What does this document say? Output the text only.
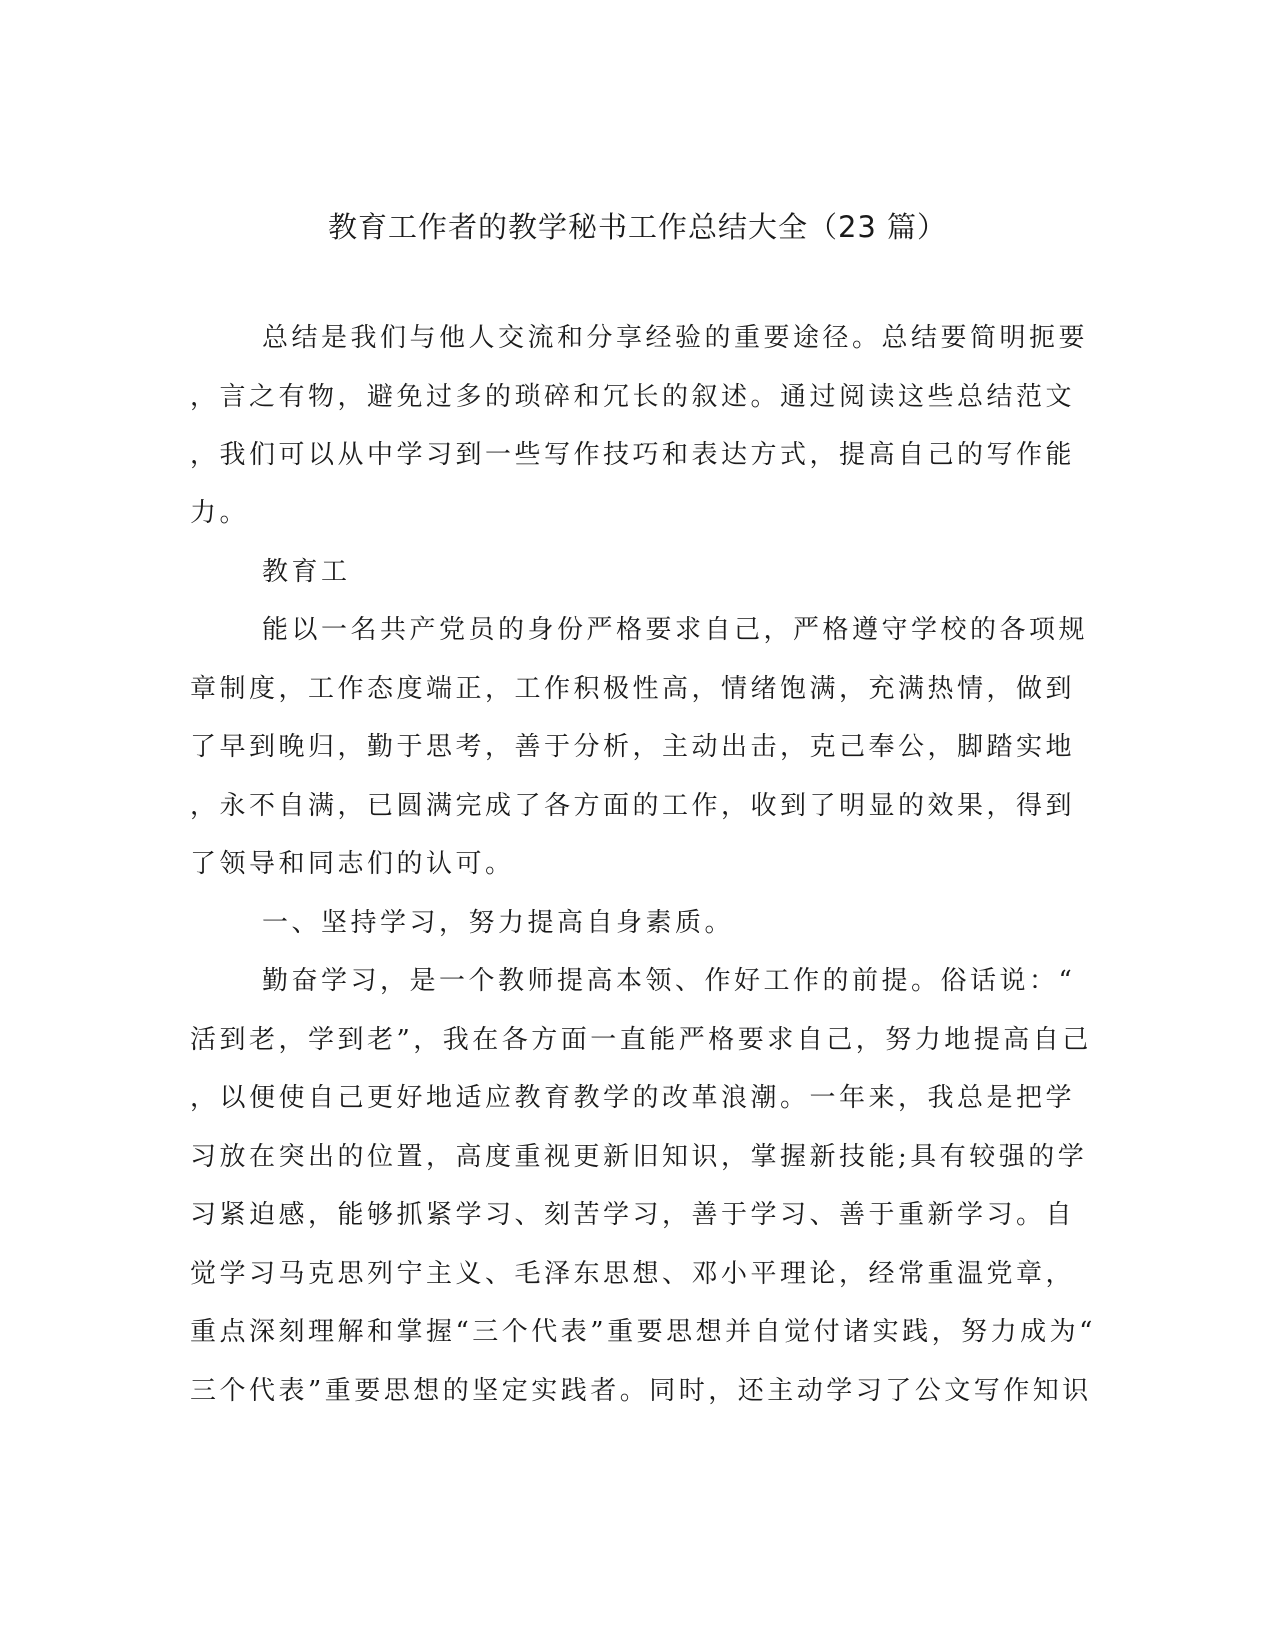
教育工作者的教学秘书工作总结大全（23 篇）
总结是我们与他人交流和分享经验的重要途径。总结要简明扼要
，言之有物，避免过多的琐碎和冗长的叙述。通过阅读这些总结范文
，我们可以从中学习到一些写作技巧和表达方式，提高自己的写作能
力。
教育工
能以一名共产党员的身份严格要求自己，严格遵守学校的各项规
章制度，工作态度端正，工作积极性高，情绪饱满，充满热情，做到
了早到晚归，勤于思考，善于分析，主动出击，克己奉公，脚踏实地
，永不自满，已圆满完成了各方面的工作，收到了明显的效果，得到
了领导和同志们的认可。
一、坚持学习，努力提高自身素质。
勤奋学习，是一个教师提高本领、作好工作的前提。俗话说：“
活到老，学到老”，我在各方面一直能严格要求自己，努力地提高自己
，以便使自己更好地适应教育教学的改革浪潮。一年来，我总是把学
习放在突出的位置，高度重视更新旧知识，掌握新技能;具有较强的学
习紧迫感，能够抓紧学习、刻苦学习，善于学习、善于重新学习。自
觉学习马克思列宁主义、毛泽东思想、邓小平理论，经常重温党章，
重点深刻理解和掌握“三个代表”重要思想并自觉付诸实践，努力成为“
三个代表”重要思想的坚定实践者。同时，还主动学习了公文写作知识
